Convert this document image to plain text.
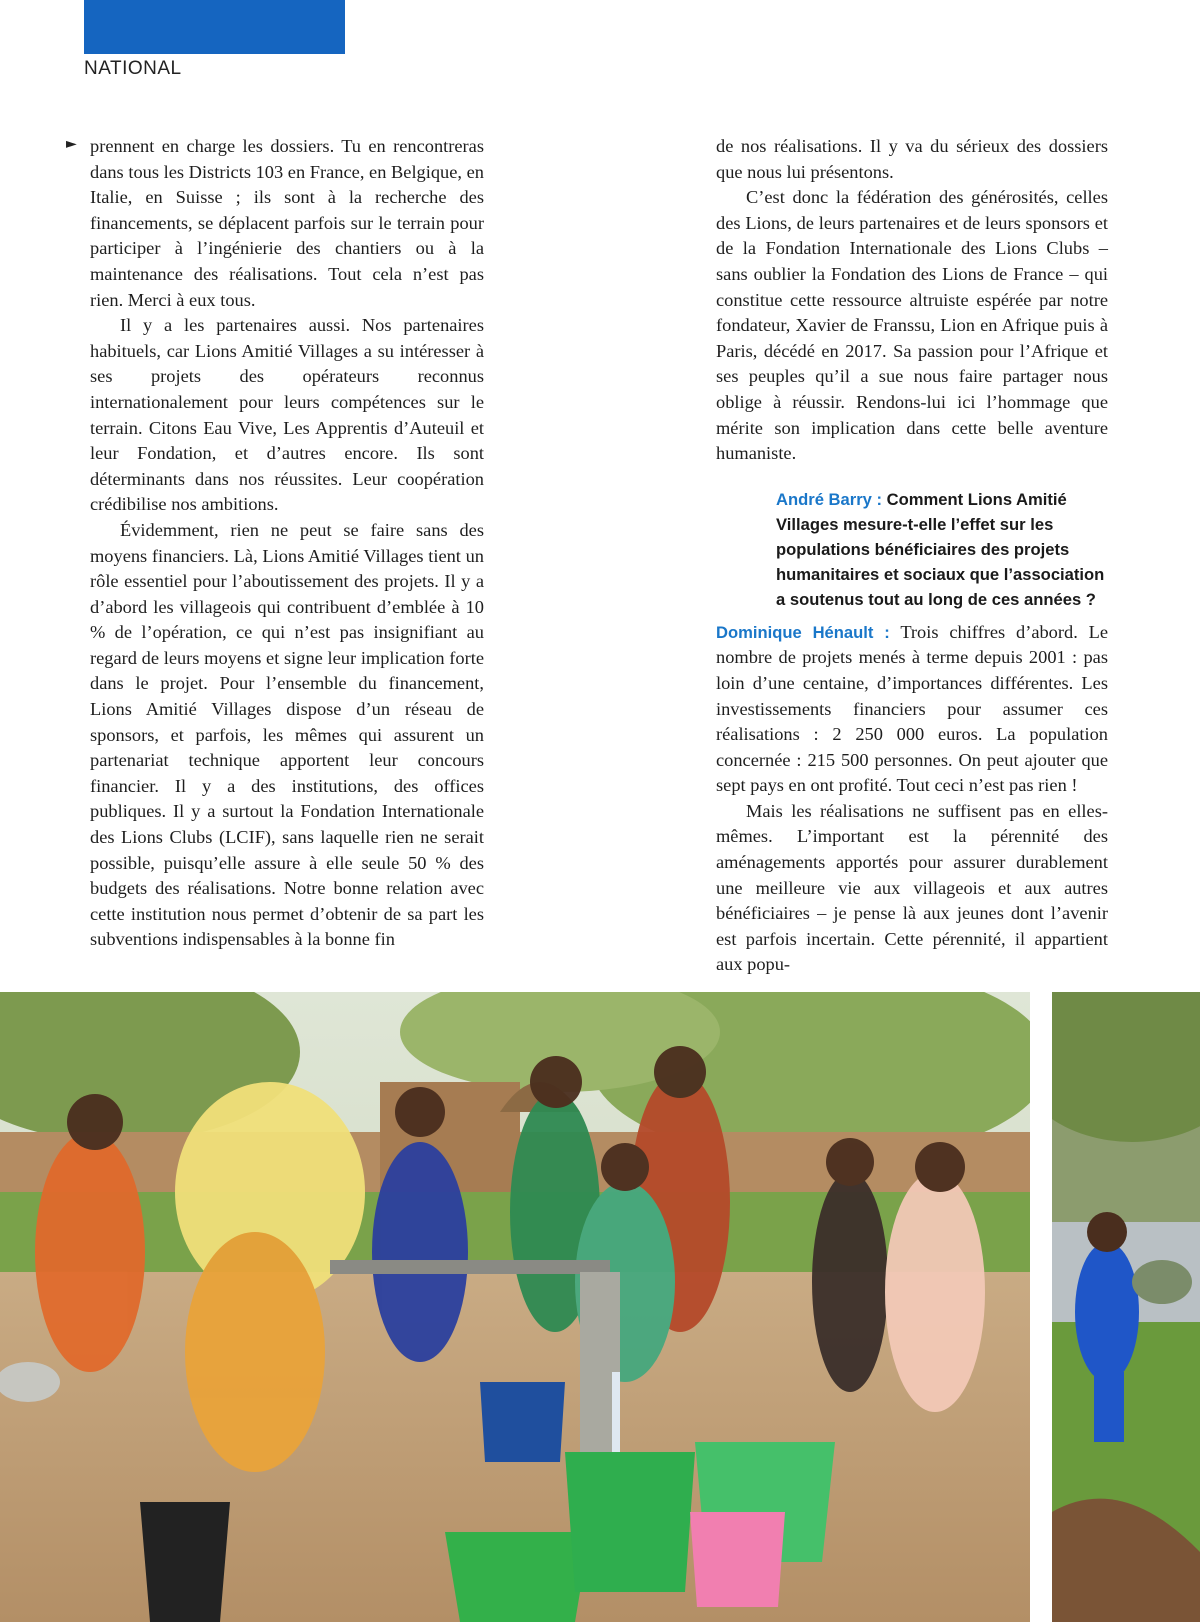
NATIONAL
► prennent en charge les dossiers. Tu en rencontreras dans tous les Districts 103 en France, en Belgique, en Italie, en Suisse ; ils sont à la recherche des financements, se déplacent parfois sur le terrain pour participer à l’ingénierie des chantiers ou à la maintenance des réalisations. Tout cela n’est pas rien. Merci à eux tous.

Il y a les partenaires aussi. Nos partenaires habituels, car Lions Amitié Villages a su intéresser à ses projets des opérateurs reconnus internationalement pour leurs compétences sur le terrain. Citons Eau Vive, Les Apprentis d’Auteuil et leur Fondation, et d’autres encore. Ils sont déterminants dans nos réussites. Leur coopération crédibilise nos ambitions.

Évidemment, rien ne peut se faire sans des moyens financiers. Là, Lions Amitié Villages tient un rôle essentiel pour l’aboutissement des projets. Il y a d’abord les villageois qui contribuent d’emblée à 10 % de l’opération, ce qui n’est pas insignifiant au regard de leurs moyens et signe leur implication forte dans le projet. Pour l’ensemble du financement, Lions Amitié Villages dispose d’un réseau de sponsors, et parfois, les mêmes qui assurent un partenariat technique apportent leur concours financier. Il y a des institutions, des offices publiques. Il y a surtout la Fondation Internationale des Lions Clubs (LCIF), sans laquelle rien ne serait possible, puisqu’elle assure à elle seule 50 % des budgets des réalisations. Notre bonne relation avec cette institution nous permet d’obtenir de sa part les subventions indispensables à la bonne fin

de nos réalisations. Il y va du sérieux des dossiers que nous lui présentons.

C’est donc la fédération des générosités, celles des Lions, de leurs partenaires et de leurs sponsors et de la Fondation Internationale des Lions Clubs – sans oublier la Fondation des Lions de France – qui constitue cette ressource altruiste espérée par notre fondateur, Xavier de Franssu, Lion en Afrique puis à Paris, décédé en 2017. Sa passion pour l’Afrique et ses peuples qu’il a sue nous faire partager nous oblige à réussir. Rendons-lui ici l’hommage que mérite son implication dans cette belle aventure humaniste.

André Barry : Comment Lions Amitié Villages mesure-t-elle l’effet sur les populations bénéficiaires des projets humanitaires et sociaux que l’association a soutenus tout au long de ces années ?

Dominique Hénault : Trois chiffres d’abord. Le nombre de projets menés à terme depuis 2001 : pas loin d’une centaine, d’importances différentes. Les investissements financiers pour assumer ces réalisations : 2 250 000 euros. La population concernée : 215 500 personnes. On peut ajouter que sept pays en ont profité. Tout ceci n’est pas rien !

Mais les réalisations ne suffisent pas en elles-mêmes. L’important est la pérennité des aménagements apportés pour assurer durablement une meilleure vie aux villageois et aux autres bénéficiaires – je pense là aux jeunes dont l’avenir est parfois incertain. Cette pérennité, il appartient aux popu-
